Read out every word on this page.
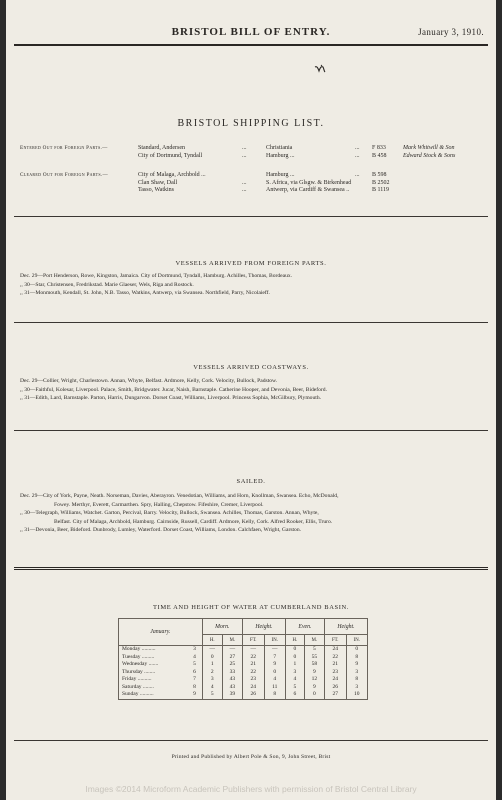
BRISTOL BILL OF ENTRY.	January 3, 1910.
BRISTOL SHIPPING LIST.
Entered Out for Foreign Parts.—	Standard, Andersen	...	Christiania	... F 833	Mark Whitwill & Son
City of Dortmund, Tyndall	...	Hamburg ...	... B 458	Edward Stock & Sons
Cleared Out for Foreign Parts.—	City of Malaga, Archbold ...	Hamburg ...	... B 598
Clan Shaw, Dall	...	S. Africa, via Glsgw. & Birkenhead	B 2502
Tasso, Watkins	...	Antwerp, via Cardiff & Swansea ..	B 1119
VESSELS ARRIVED FROM FOREIGN PARTS.

Dec. 29—Port Henderson, Rowe, Kingston, Jamaica. City of Dortmund, Tyndall, Hamburg. Achilles, Thomas, Bordeaux.

,, 30—Star, Christensen, Fredrikstad. Marie Glaeser, Wels, Riga and Rostock.

,, 31—Monmouth, Kendall, St. John, N.B. Tasso, Watkins, Antwerp, via Swansea. Northfield, Parry, Nicolaieff.

VESSELS ARRIVED COASTWAYS.

Dec. 29—Collier, Wright, Charlestown. Annan, Whyte, Belfast. Ardmore, Kelly, Cork. Velocity, Bullock, Padstow.

,, 30—Faithful, Kolesar, Liverpool. Palace, Smith, Bridgwater. Jucar, Naish, Barnstaple. Catherine Hooper, and Devonia, Beer, Bideford.

,, 31—Edith, Lard, Barnstaple. Parton, Harris, Dungarvon. Dorset Coast, Williams, Liverpool. Princess Sophia, McGilbury, Plymouth.

SAILED.

Dec. 29—City of York, Payne, Neath. Norseman, Davies, Aberayron. Venedotian, Williams, and Horn, Knollman, Swansea. Echo, McDonald,

Fowey. Merthyr, Everett, Carmarthen. Spry, Halling, Chepstow. Fifeshire, Cremer, Liverpool.

,, 30—Telegraph, Williams, Watchet. Garton, Percival, Barry. Velocity, Bullock, Swansea. Achilles, Thomas, Garston. Annan, Whyte,

Belfast. City of Malaga, Archbold, Hamburg. Cairnside, Russell, Cardiff. Ardmore, Kelly, Cork. Alfred Rooker, Ellis, Truro.

,, 31—Devonia, Beer, Bideford. Dunbrody, Lumley, Waterford. Dorset Coast, Williams, London. Calchfaen, Wright, Garston.

TIME AND HEIGHT OF WATER AT CUMBERLAND BASIN.
January.		Morn.		Height.		Even.		Height.	
		H.	M.	FT.	IN.	H.	M.	FT.	IN.
Monday ..........	3	—	—	—	—	0	5	24	0
Tuesday .........	4	0	27	22	7	0	55	22	8
Wednesday .......	5	1	25	21	9	1	58	21	9
Thursday ........	6	2	33	22	0	3	9	23	3
Friday ..........	7	3	43	23	4	4	12	24	8
Saturday ........	8	4	43	24	11	5	9	26	3
Sunday ..........	9	5	39	26	8	6	0	27	10
Printed and Published by Albert Pole & Son, 9, John Street, Brist
Images ©2014 Microform Academic Publishers with permission of Bristol Central Library
